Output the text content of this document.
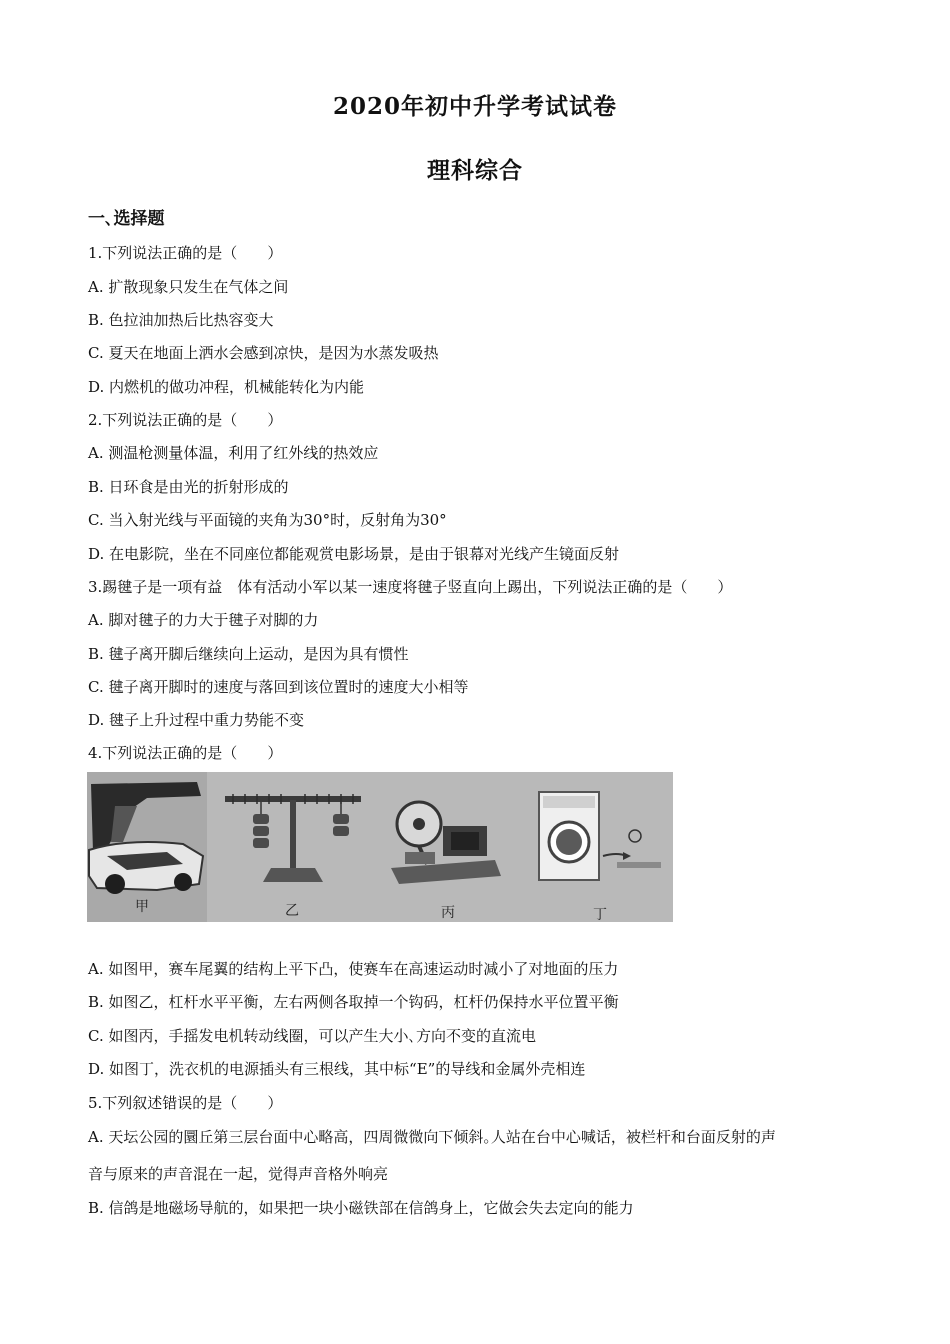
2020年初中升学考试试卷
理科综合
一､选择题
1.下列说法正确的是（　　）
A. 扩散现象只发生在气体之间
B. 色拉油加热后比热容变大
C. 夏天在地面上洒水会感到凉快，是因为水蒸发吸热
D. 内燃机的做功冲程，机械能转化为内能
2.下列说法正确的是（　　）
A. 测温枪测量体温，利用了红外线的热效应
B. 日环食是由光的折射形成的
C. 当入射光线与平面镜的夹角为30°时，反射角为30°
D. 在电影院，坐在不同座位都能观赏电影场景，是由于银幕对光线产生镜面反射
3.踢毽子是一项有益　体有活动小军以某一速度将毽子竖直向上踢出，下列说法正确的是（　　）
A. 脚对毽子的力大于毽子对脚的力
B. 毽子离开脚后继续向上运动，是因为具有惯性
C. 毽子离开脚时的速度与落回到该位置时的速度大小相等
D. 毽子上升过程中重力势能不变
4.下列说法正确的是（　　）
甲	乙	丙	丁
A. 如图甲，赛车尾翼的结构上平下凸，使赛车在高速运动时减小了对地面的压力
B. 如图乙，杠杆水平平衡，左右两侧各取掉一个钩码，杠杆仍保持水平位置平衡
C. 如图丙，手摇发电机转动线圈，可以产生大小､方向不变的直流电
D. 如图丁，洗衣机的电源插头有三根线，其中标“E”的导线和金属外壳相连
5.下列叙述错误的是（　　）
A. 天坛公园的圜丘第三层台面中心略高，四周微微向下倾斜｡人站在台中心喊话，被栏杆和台面反射的声
音与原来的声音混在一起，觉得声音格外响亮
B. 信鸽是地磁场导航的，如果把一块小磁铁部在信鸽身上，它做会失去定向的能力
